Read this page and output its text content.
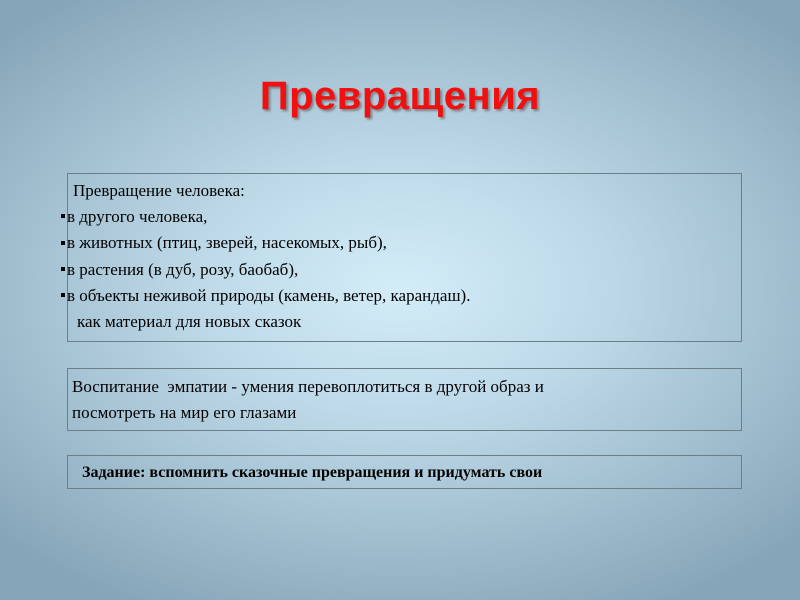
Превращения
Превращение человека:
в другого человека,
в животных (птиц, зверей, насекомых, рыб),
в растения (в дуб, розу, баобаб),
в объекты неживой природы (камень, ветер, карандаш).
как материал для новых сказок
Воспитание  эмпатии - умения перевоплотиться в другой образ и
посмотреть на мир его глазами
Задание: вспомнить сказочные превращения и придумать свои
